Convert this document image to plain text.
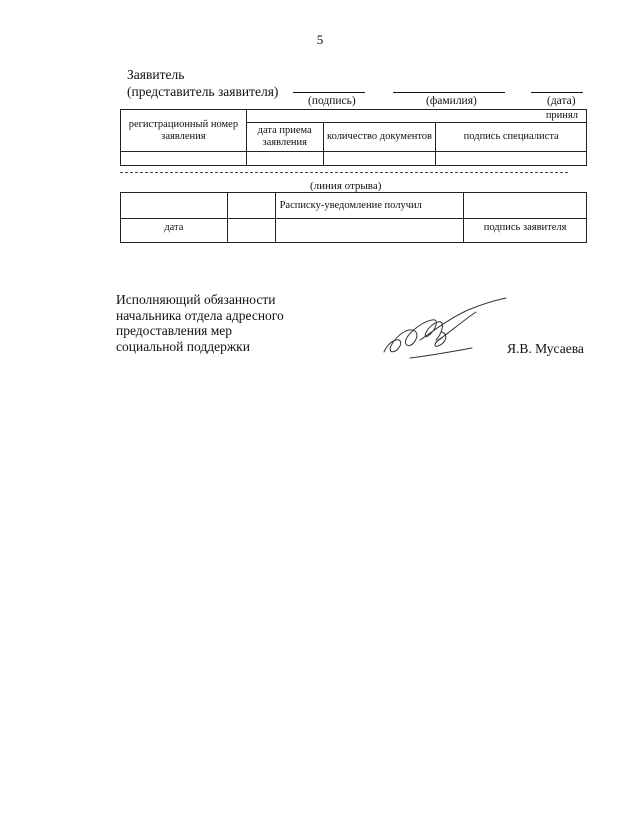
5
Заявитель
(представитель заявителя)
(подпись)	(фамилия)	(дата)
регистрационный номер заявления	принял		
	дата приема заявления	количество документов	подпись специалиста

(линия отрыва)
		Расписку-уведомление получил	
дата			подпись заявителя
Исполняющий обязанности
начальника отдела адресного
предоставления мер
социальной поддержки	Я.В. Мусаева
